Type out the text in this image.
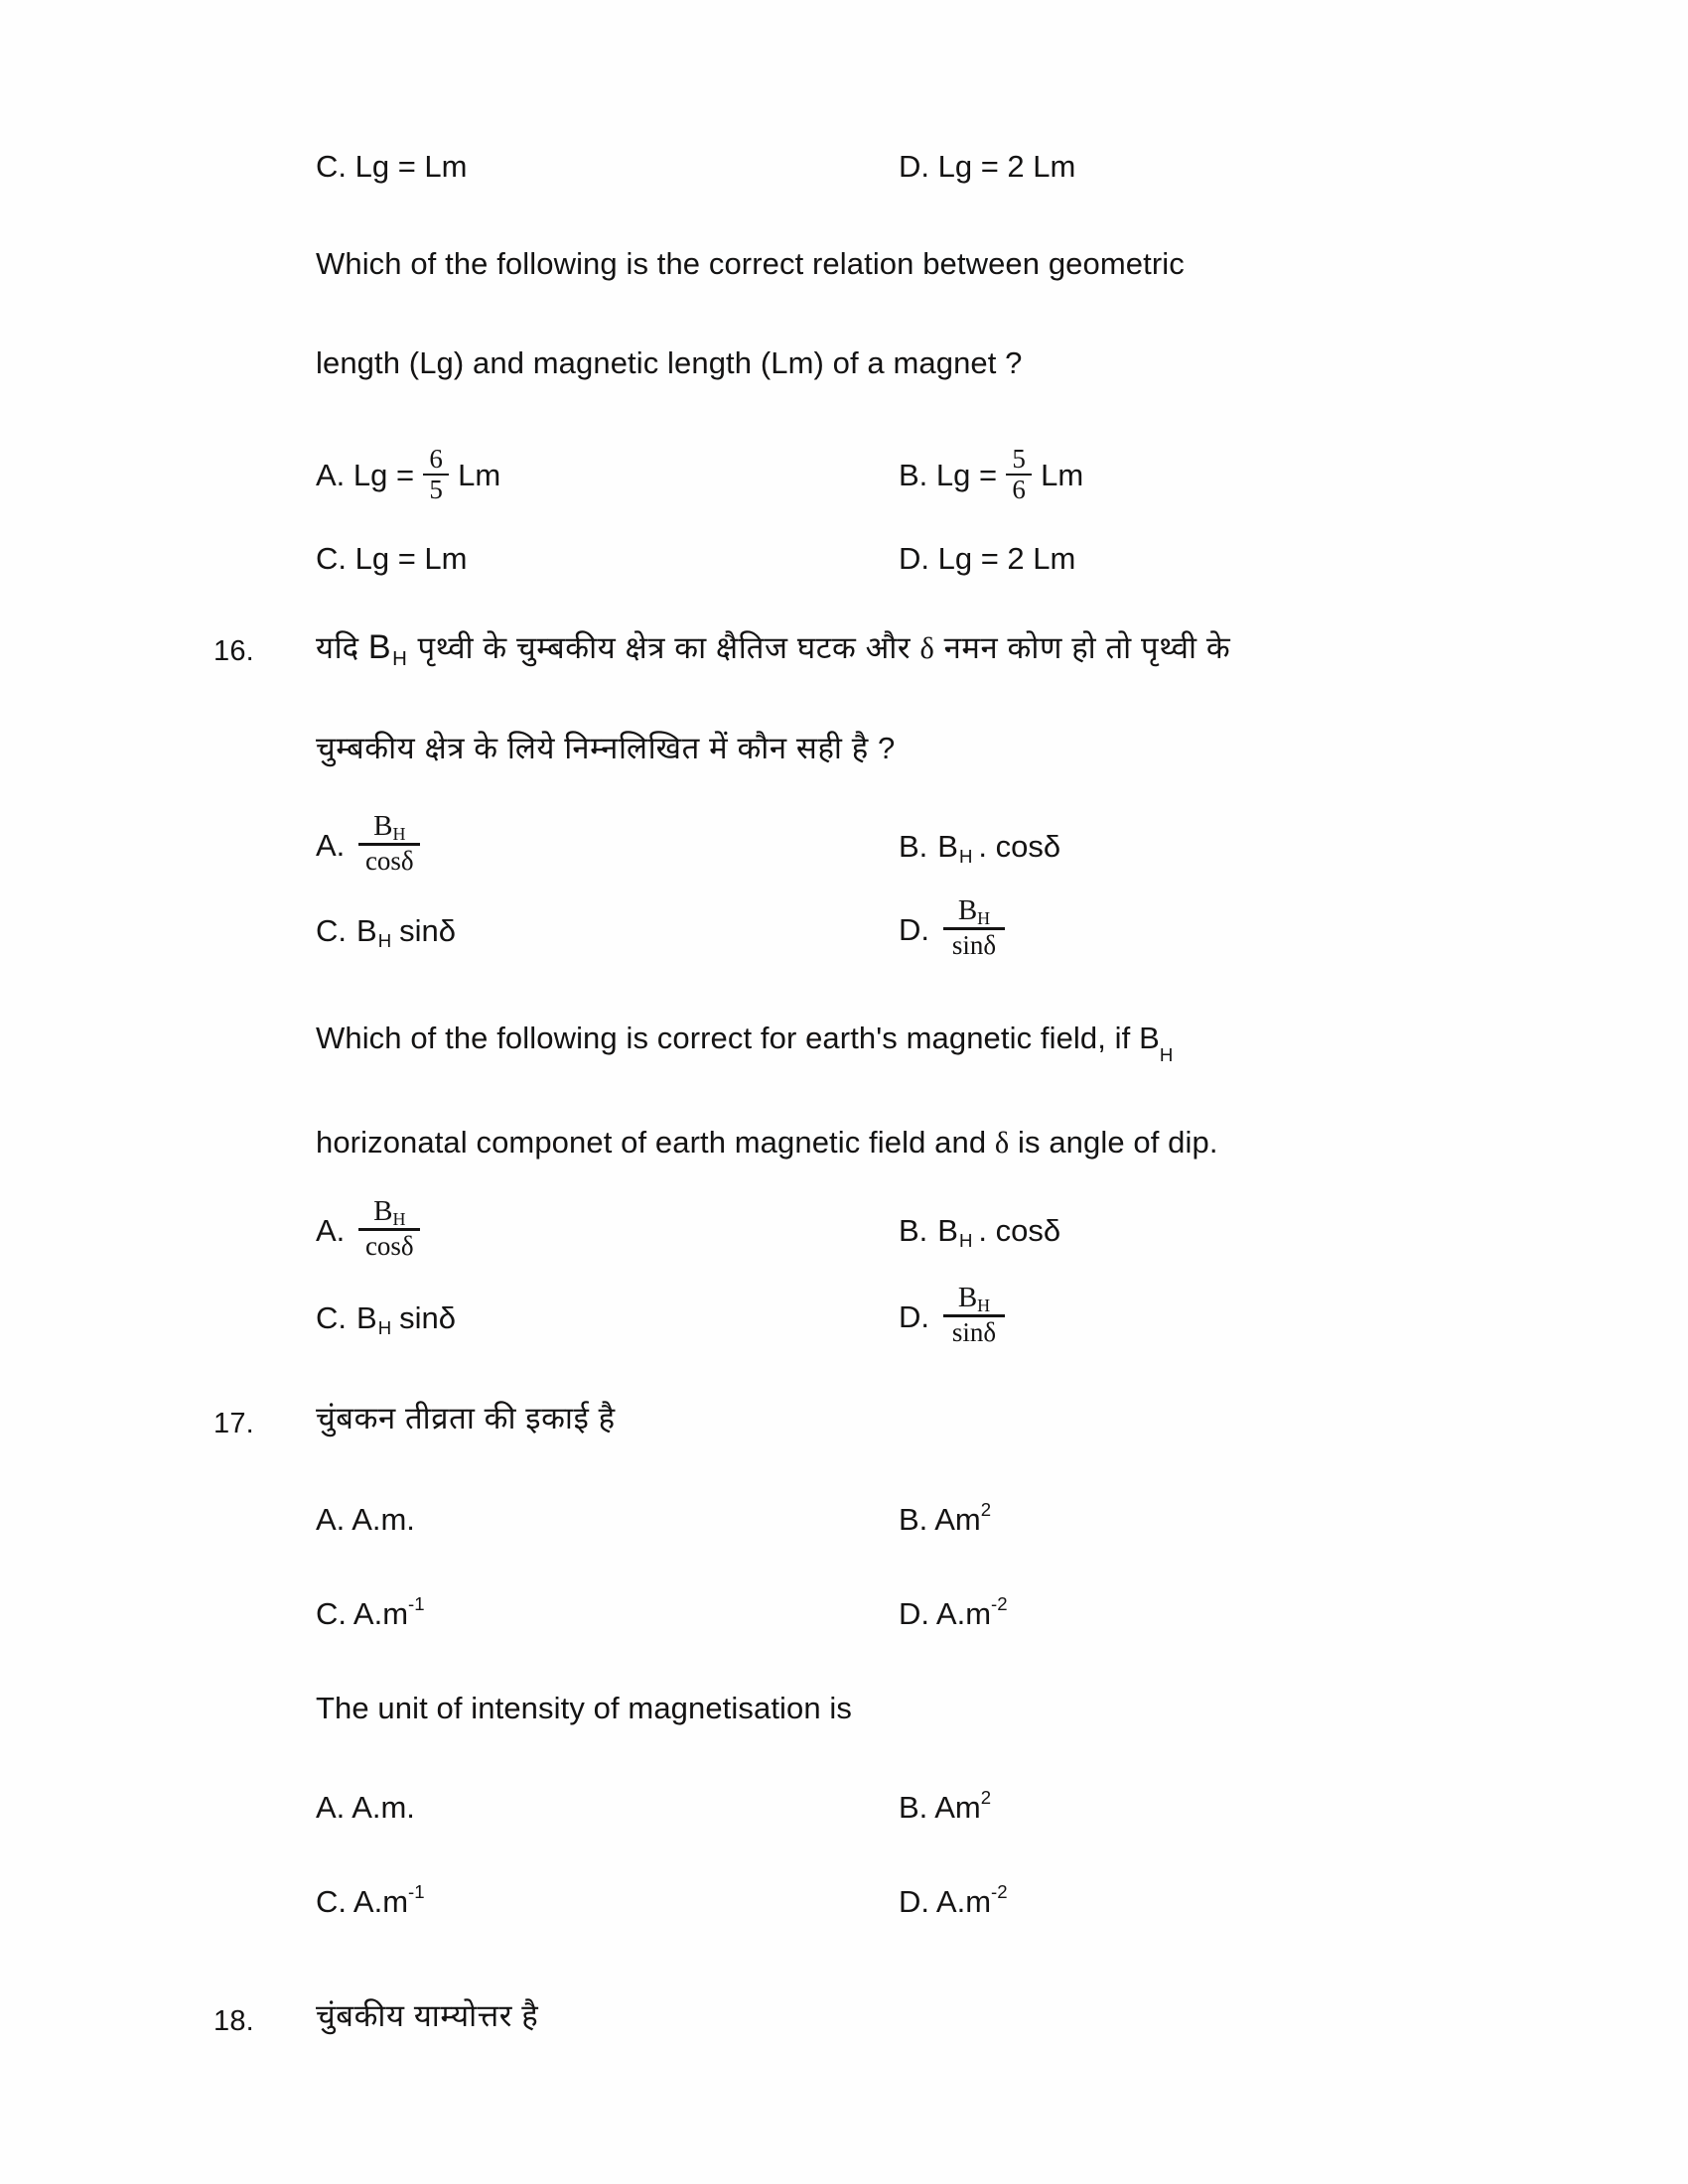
C. Lg = Lm	D. Lg = 2 Lm
Which of the following is the correct relation between geometric
length (Lg) and magnetic length (Lm) of a magnet ?
A. $Lg = \frac{6}{5}$ Lm	B. $Lg = \frac{5}{6}$ Lm
C. Lg = Lm	D. Lg = 2 Lm
16.	यदि $B_H$ पृथ्वी के चुम्बकीय क्षेत्र का क्षैतिज घटक और δ नमन कोण हो तो पृथ्वी के
चुम्बकीय क्षेत्र के लिये निम्नलिखित में कौन सही है ?
A. $\frac{B_H}{\cos\delta}$	B. $B_H$ . cosδ
C. $B_H$ sinδ	D. $\frac{B_H}{\sin\delta}$
Which of the following is correct for earth's magnetic field, if $B_H$
horizonatal componet of earth magnetic field and δ is angle of dip.
A. $\frac{B_H}{\cos\delta}$	B. $B_H$ . cosδ
C. $B_H$ sinδ	D. $\frac{B_H}{\sin\delta}$
17.	चुंबकन तीव्रता की इकाई है
A. A.m.	B. Am$^2$
C. $A.m^{-1}$	D. $A.m^{-2}$
The unit of intensity of magnetisation is
A. A.m.	B. Am$^2$
C. $A.m^{-1}$	D. $A.m^{-2}$
18.	चुंबकीय याम्योत्तर है
